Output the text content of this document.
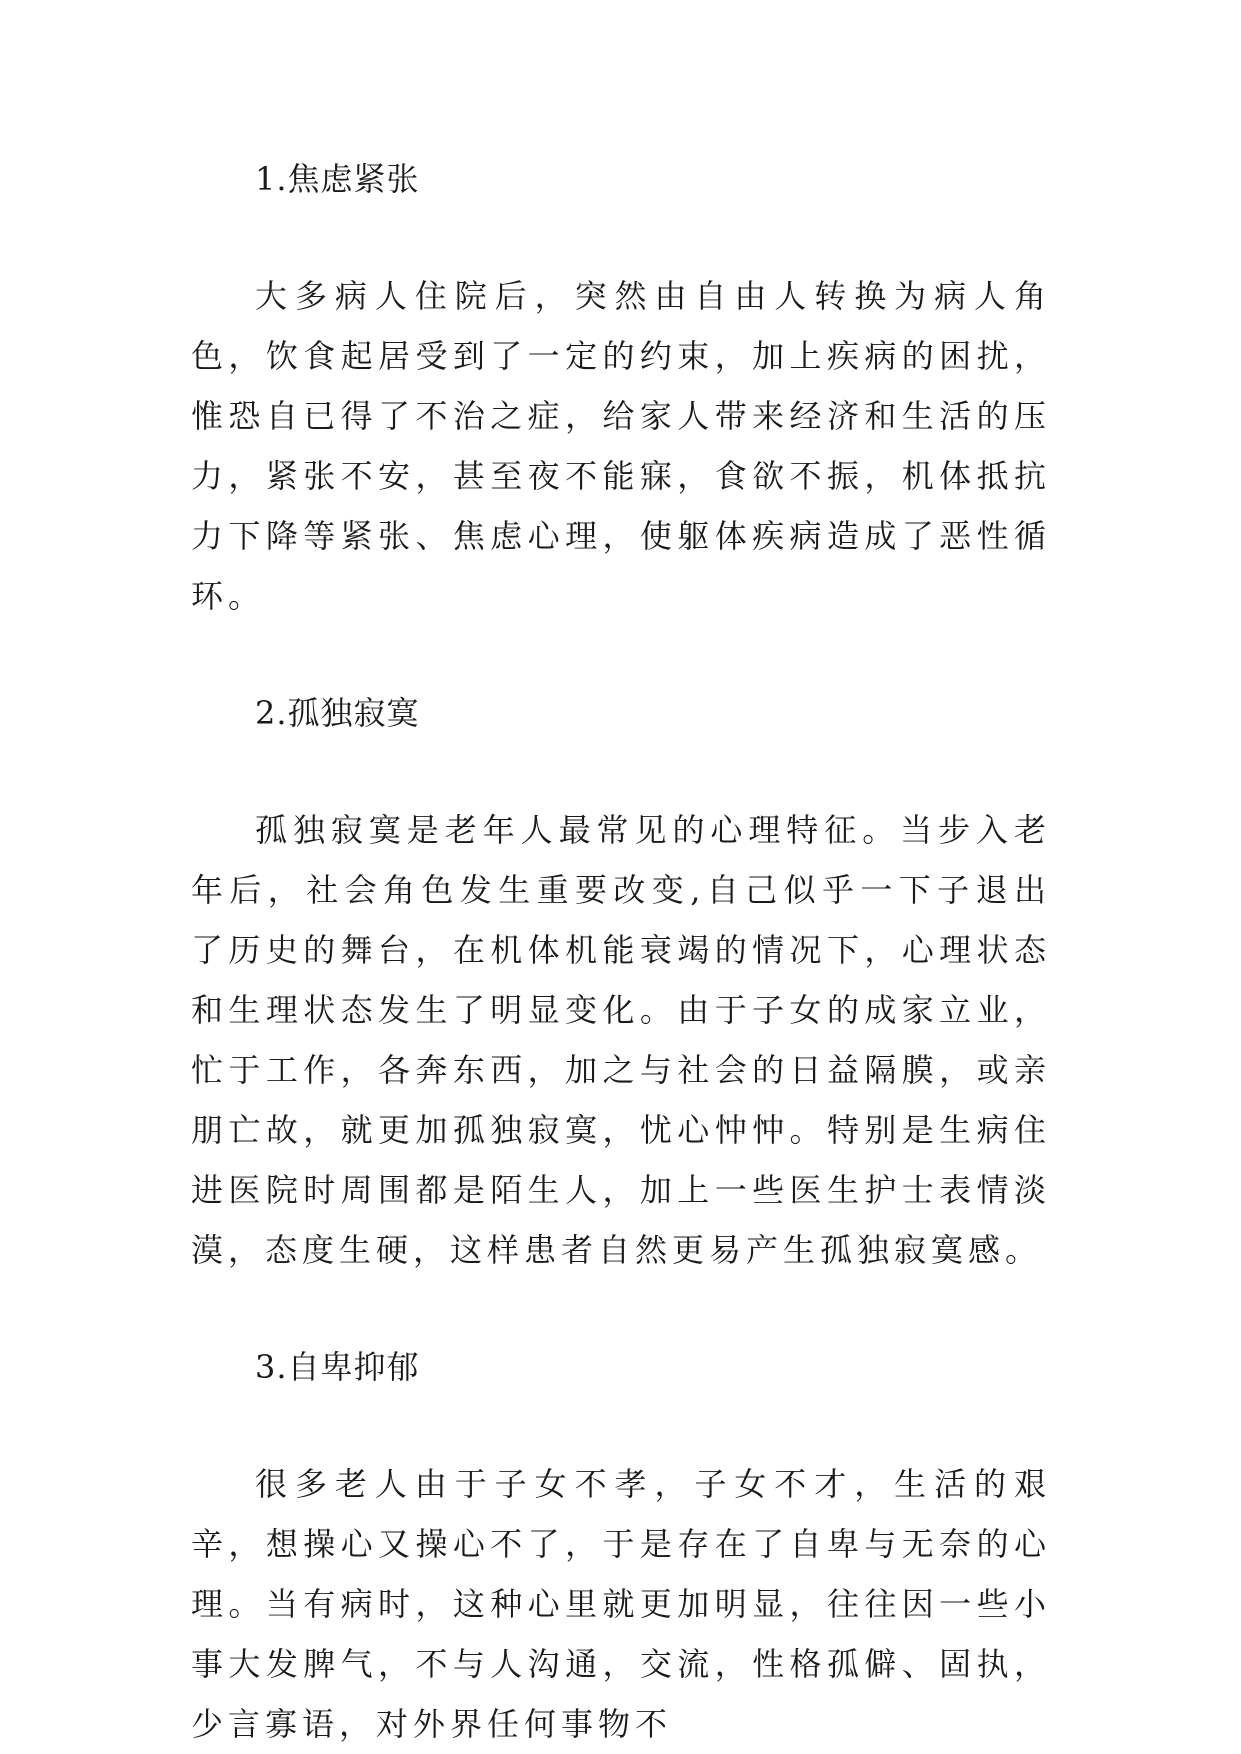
1.焦虑紧张

大多病人住院后，突然由自由人转换为病人角色，饮食起居受到了一定的约束，加上疾病的困扰，惟恐自已得了不治之症，给家人带来经济和生活的压力，紧张不安，甚至夜不能寐，食欲不振，机体抵抗力下降等紧张、焦虑心理，使躯体疾病造成了恶性循环。

2.孤独寂寞

孤独寂寞是老年人最常见的心理特征。当步入老年后，社会角色发生重要改变,自己似乎一下子退出了历史的舞台，在机体机能衰竭的情况下，心理状态和生理状态发生了明显变化。由于子女的成家立业，忙于工作，各奔东西，加之与社会的日益隔膜，或亲朋亡故，就更加孤独寂寞，忧心忡忡。特别是生病住进医院时周围都是陌生人，加上一些医生护士表情淡漠，态度生硬，这样患者自然更易产生孤独寂寞感。

3.自卑抑郁

很多老人由于子女不孝，子女不才，生活的艰辛，想操心又操心不了，于是存在了自卑与无奈的心理。当有病时，这种心里就更加明显，往往因一些小事大发脾气，不与人沟通，交流，性格孤僻、固执，少言寡语，对外界任何事物不
